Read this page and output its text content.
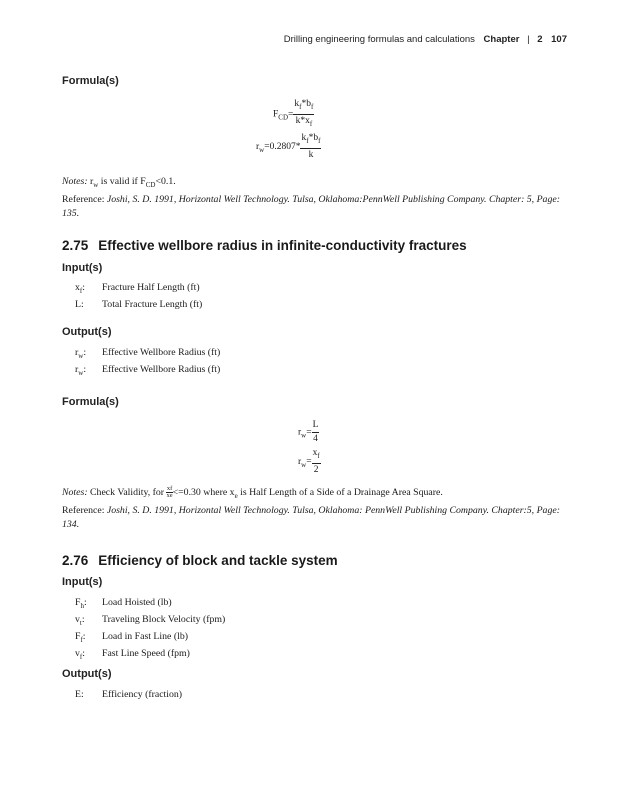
Drilling engineering formulas and calculations Chapter | 2 107
Formula(s)
$F_{CD}= \frac{k_f*b_f}{k*x_f}$
$r_w=0.2807* \frac{k_f*b_f}{k}$
Notes: $r_w$ is valid if $F_{CD}<0.1$.
Reference: Joshi, S. D. 1991, Horizontal Well Technology. Tulsa, Oklahoma:PennWell Publishing Company. Chapter: 5, Page: 135.
2.75 Effective wellbore radius in infinite-conductivity fractures
Input(s)
$x_f$:	Fracture Half Length (ft)
L:	Total Fracture Length (ft)
Output(s)
$r_w$:	Effective Wellbore Radius (ft)
$r_w$:	Effective Wellbore Radius (ft)
Formula(s)
$r_w= \frac{L}{4}$
$r_w= \frac{x_f}{2}$
Notes: Check Validity, for $\frac{xf}{xe} <=0.30$ where $x_e$ is Half Length of a Side of a Drainage Area Square.
Reference: Joshi, S. D. 1991, Horizontal Well Technology. Tulsa, Oklahoma: PennWell Publishing Company. Chapter:5, Page: 134.
2.76 Efficiency of block and tackle system
Input(s)
$F_h$:	Load Hoisted (lb)
$v_t$:	Traveling Block Velocity (fpm)
$F_f$:	Load in Fast Line (lb)
$v_f$:	Fast Line Speed (fpm)
Output(s)
E:	Efficiency (fraction)
